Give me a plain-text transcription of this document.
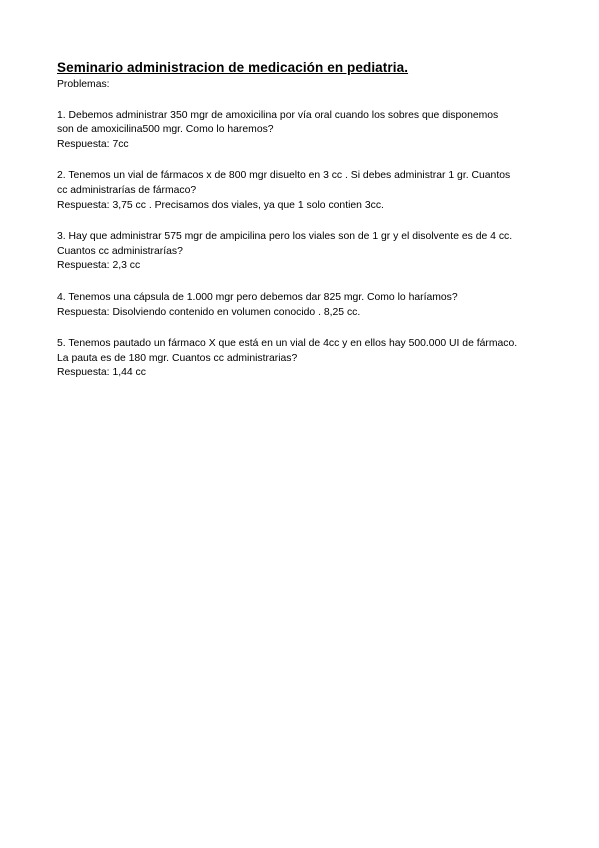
Seminario administracion de medicación en pediatria.
Problemas:
1. Debemos administrar 350 mgr de amoxicilina por vía oral cuando los sobres que disponemos
son de amoxicilina500 mgr. Como lo haremos?
Respuesta: 7cc
2. Tenemos un vial de fármacos x de 800 mgr disuelto en 3 cc . Si debes administrar 1 gr. Cuantos
cc administrarías de fármaco?
Respuesta: 3,75 cc . Precisamos dos viales, ya que 1 solo contien 3cc.
3. Hay que administrar 575 mgr de ampicilina pero los viales son de 1 gr y el disolvente es de 4 cc.
Cuantos cc administrarías?
Respuesta: 2,3 cc
4. Tenemos una cápsula de 1.000 mgr pero debemos dar 825 mgr. Como lo haríamos?
Respuesta: Disolviendo contenido en volumen conocido . 8,25 cc.
5. Tenemos pautado un fármaco X que está en un vial de 4cc y en ellos hay 500.000 UI de fármaco.
La pauta es de 180 mgr. Cuantos cc administrarias?
Respuesta: 1,44 cc
